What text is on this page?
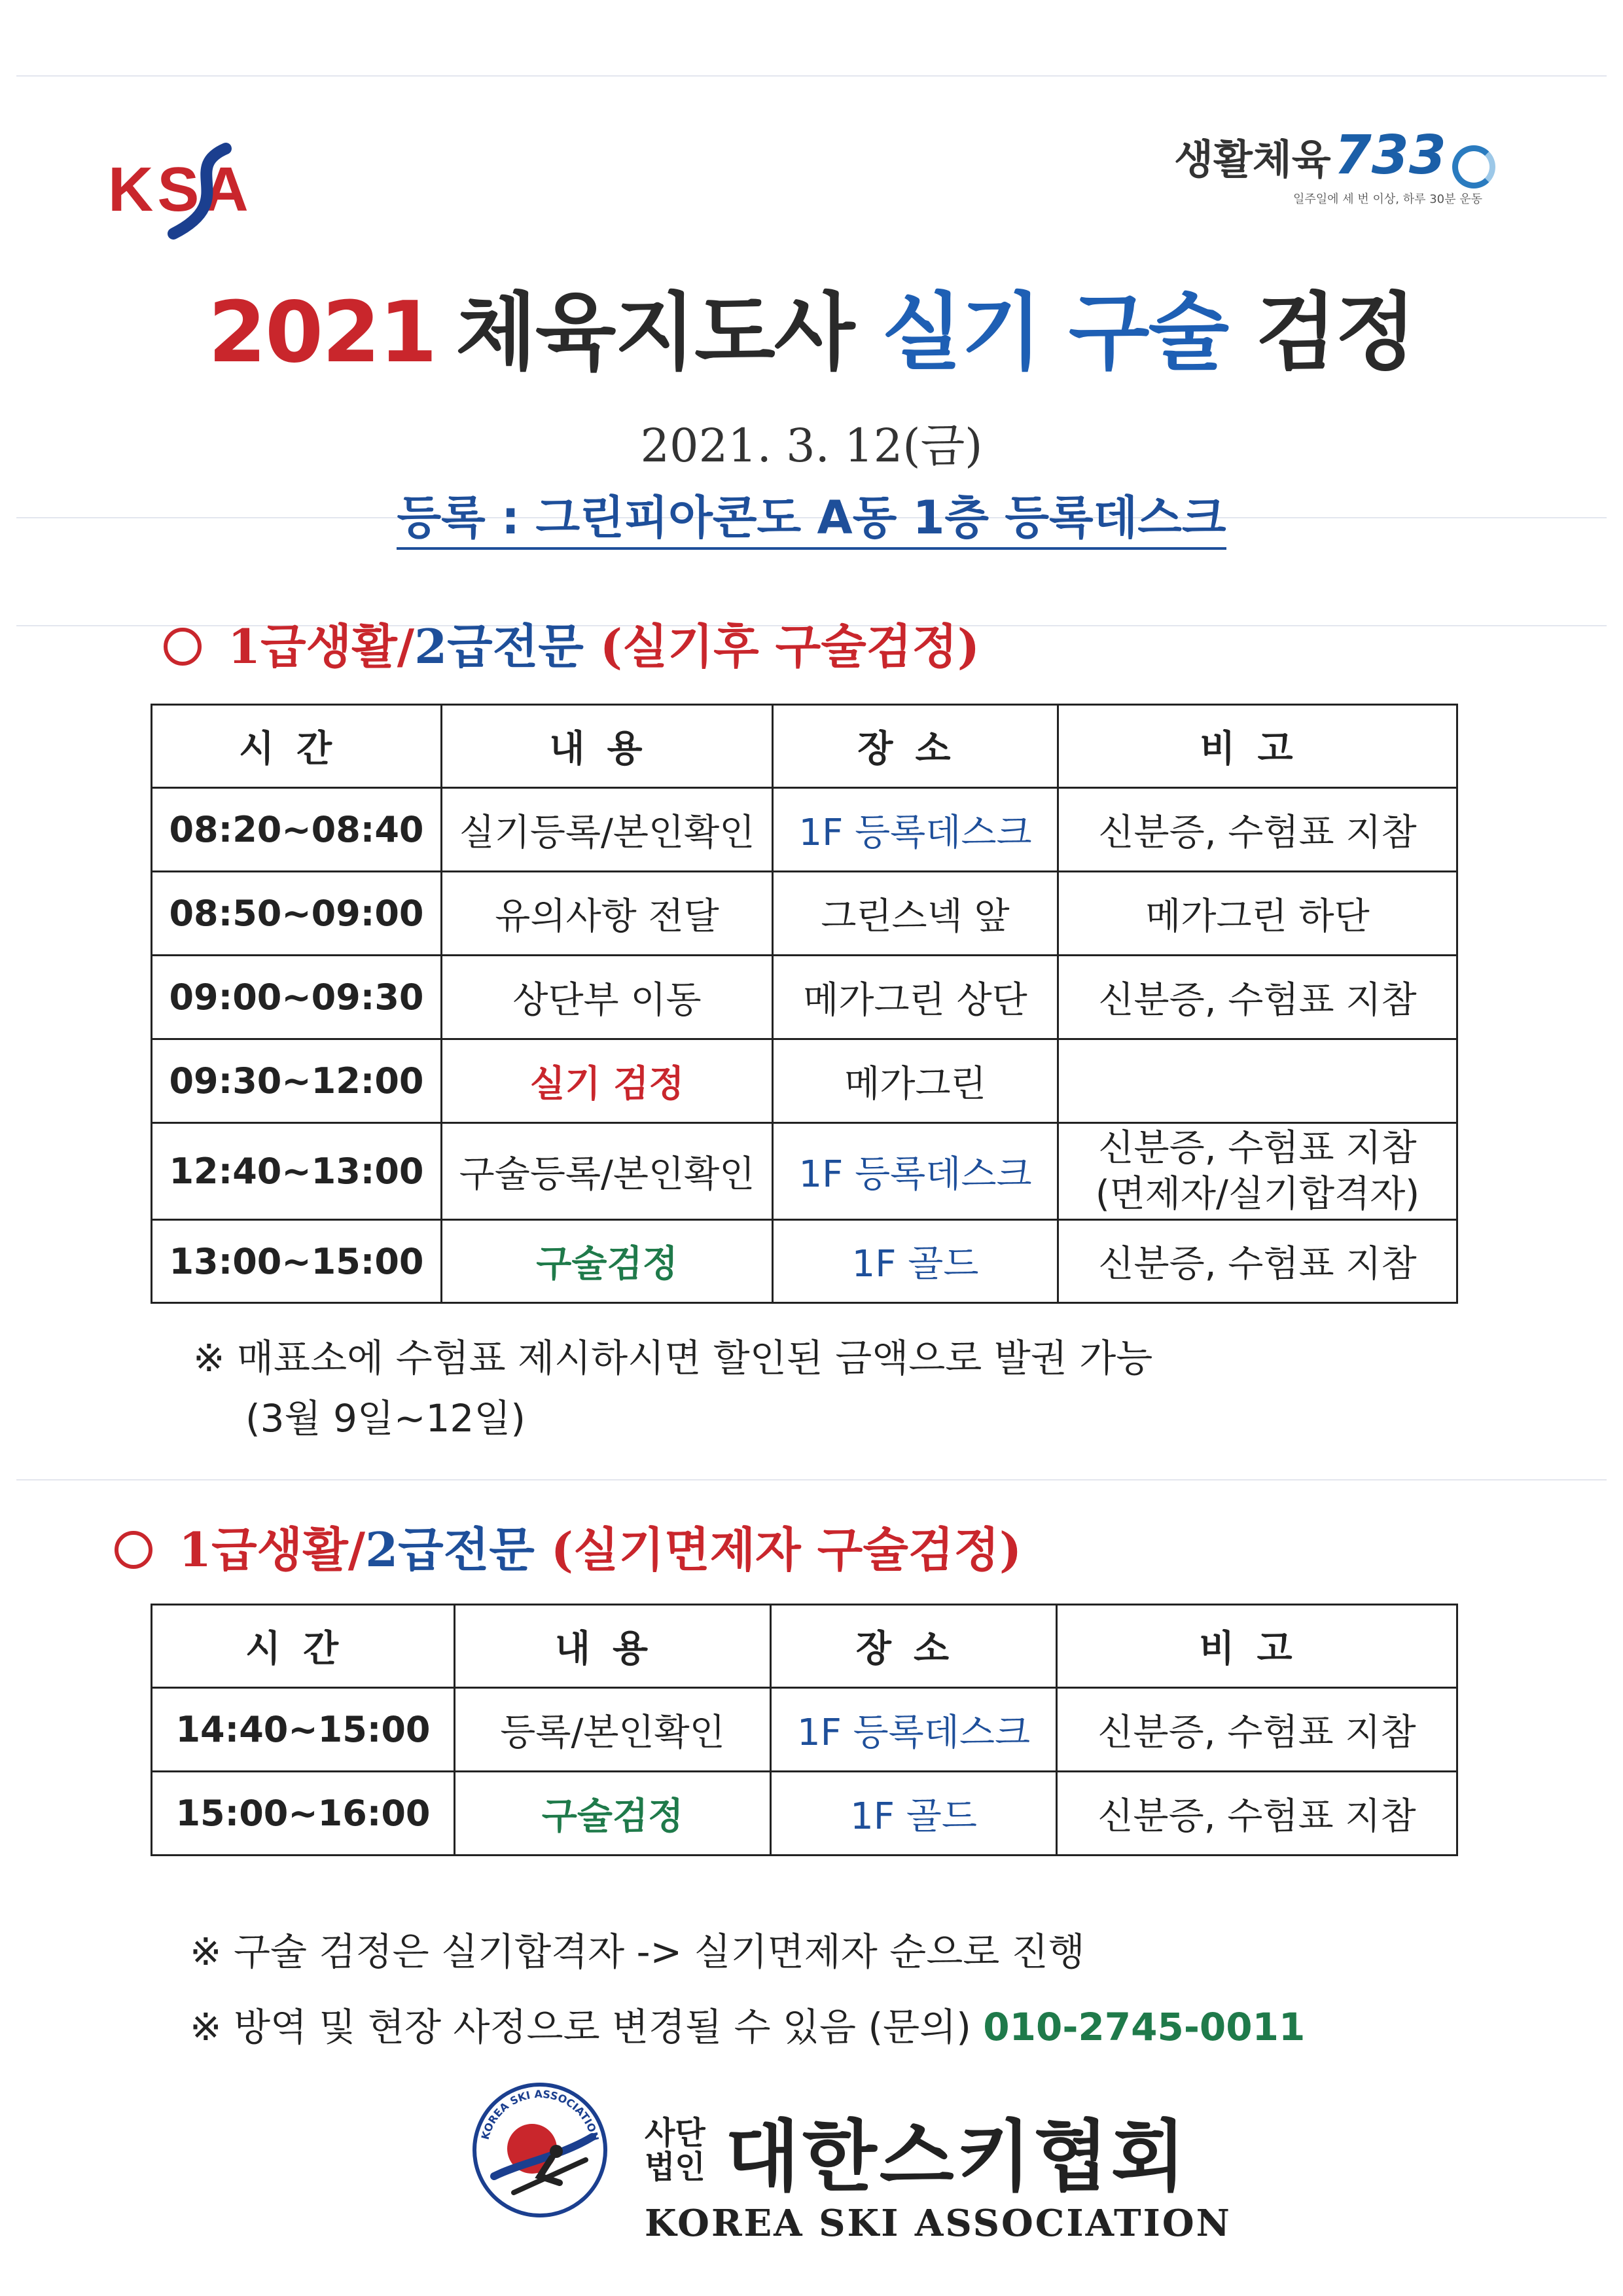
KSA	생활체육 733
일주일에 세 번 이상, 하루 30분 운동
2021 체육지도사 실기 구술 검정
2021. 3. 12(금)
등록 : 그린피아콘도 A동 1층 등록데스크
1급생활/2급전문 (실기후 구술검정)
시간	내용	장소	비고
08:20~08:40	실기등록/본인확인	1F 등록데스크	신분증, 수험표 지참
08:50~09:00	유의사항 전달	그린스넥 앞	메가그린 하단
09:00~09:30	상단부 이동	메가그린 상단	신분증, 수험표 지참
09:30~12:00	실기 검정	메가그린	
12:40~13:00	구술등록/본인확인	1F 등록데스크	신분증, 수험표 지참
(면제자/실기합격자)

13:00~15:00	구술검정	1F 골드	신분증, 수험표 지참
※ 매표소에 수험표 제시하시면 할인된 금액으로 발권 가능
(3월 9일~12일)
1급생활/2급전문 (실기면제자 구술검정)
시간	내용	장소	비고
14:40~15:00	등록/본인확인	1F 등록데스크	신분증, 수험표 지참
15:00~16:00	구술검정	1F 골드	신분증, 수험표 지참
※ 구술 검정은 실기합격자 -> 실기면제자 순으로 진행
※ 방역 및 현장 사정으로 변경될 수 있음 (문의) 010-2745-0011
KOREA SKI ASSOCIATION 사단
법인 대한스키협회
KOREA SKI ASSOCIATION
